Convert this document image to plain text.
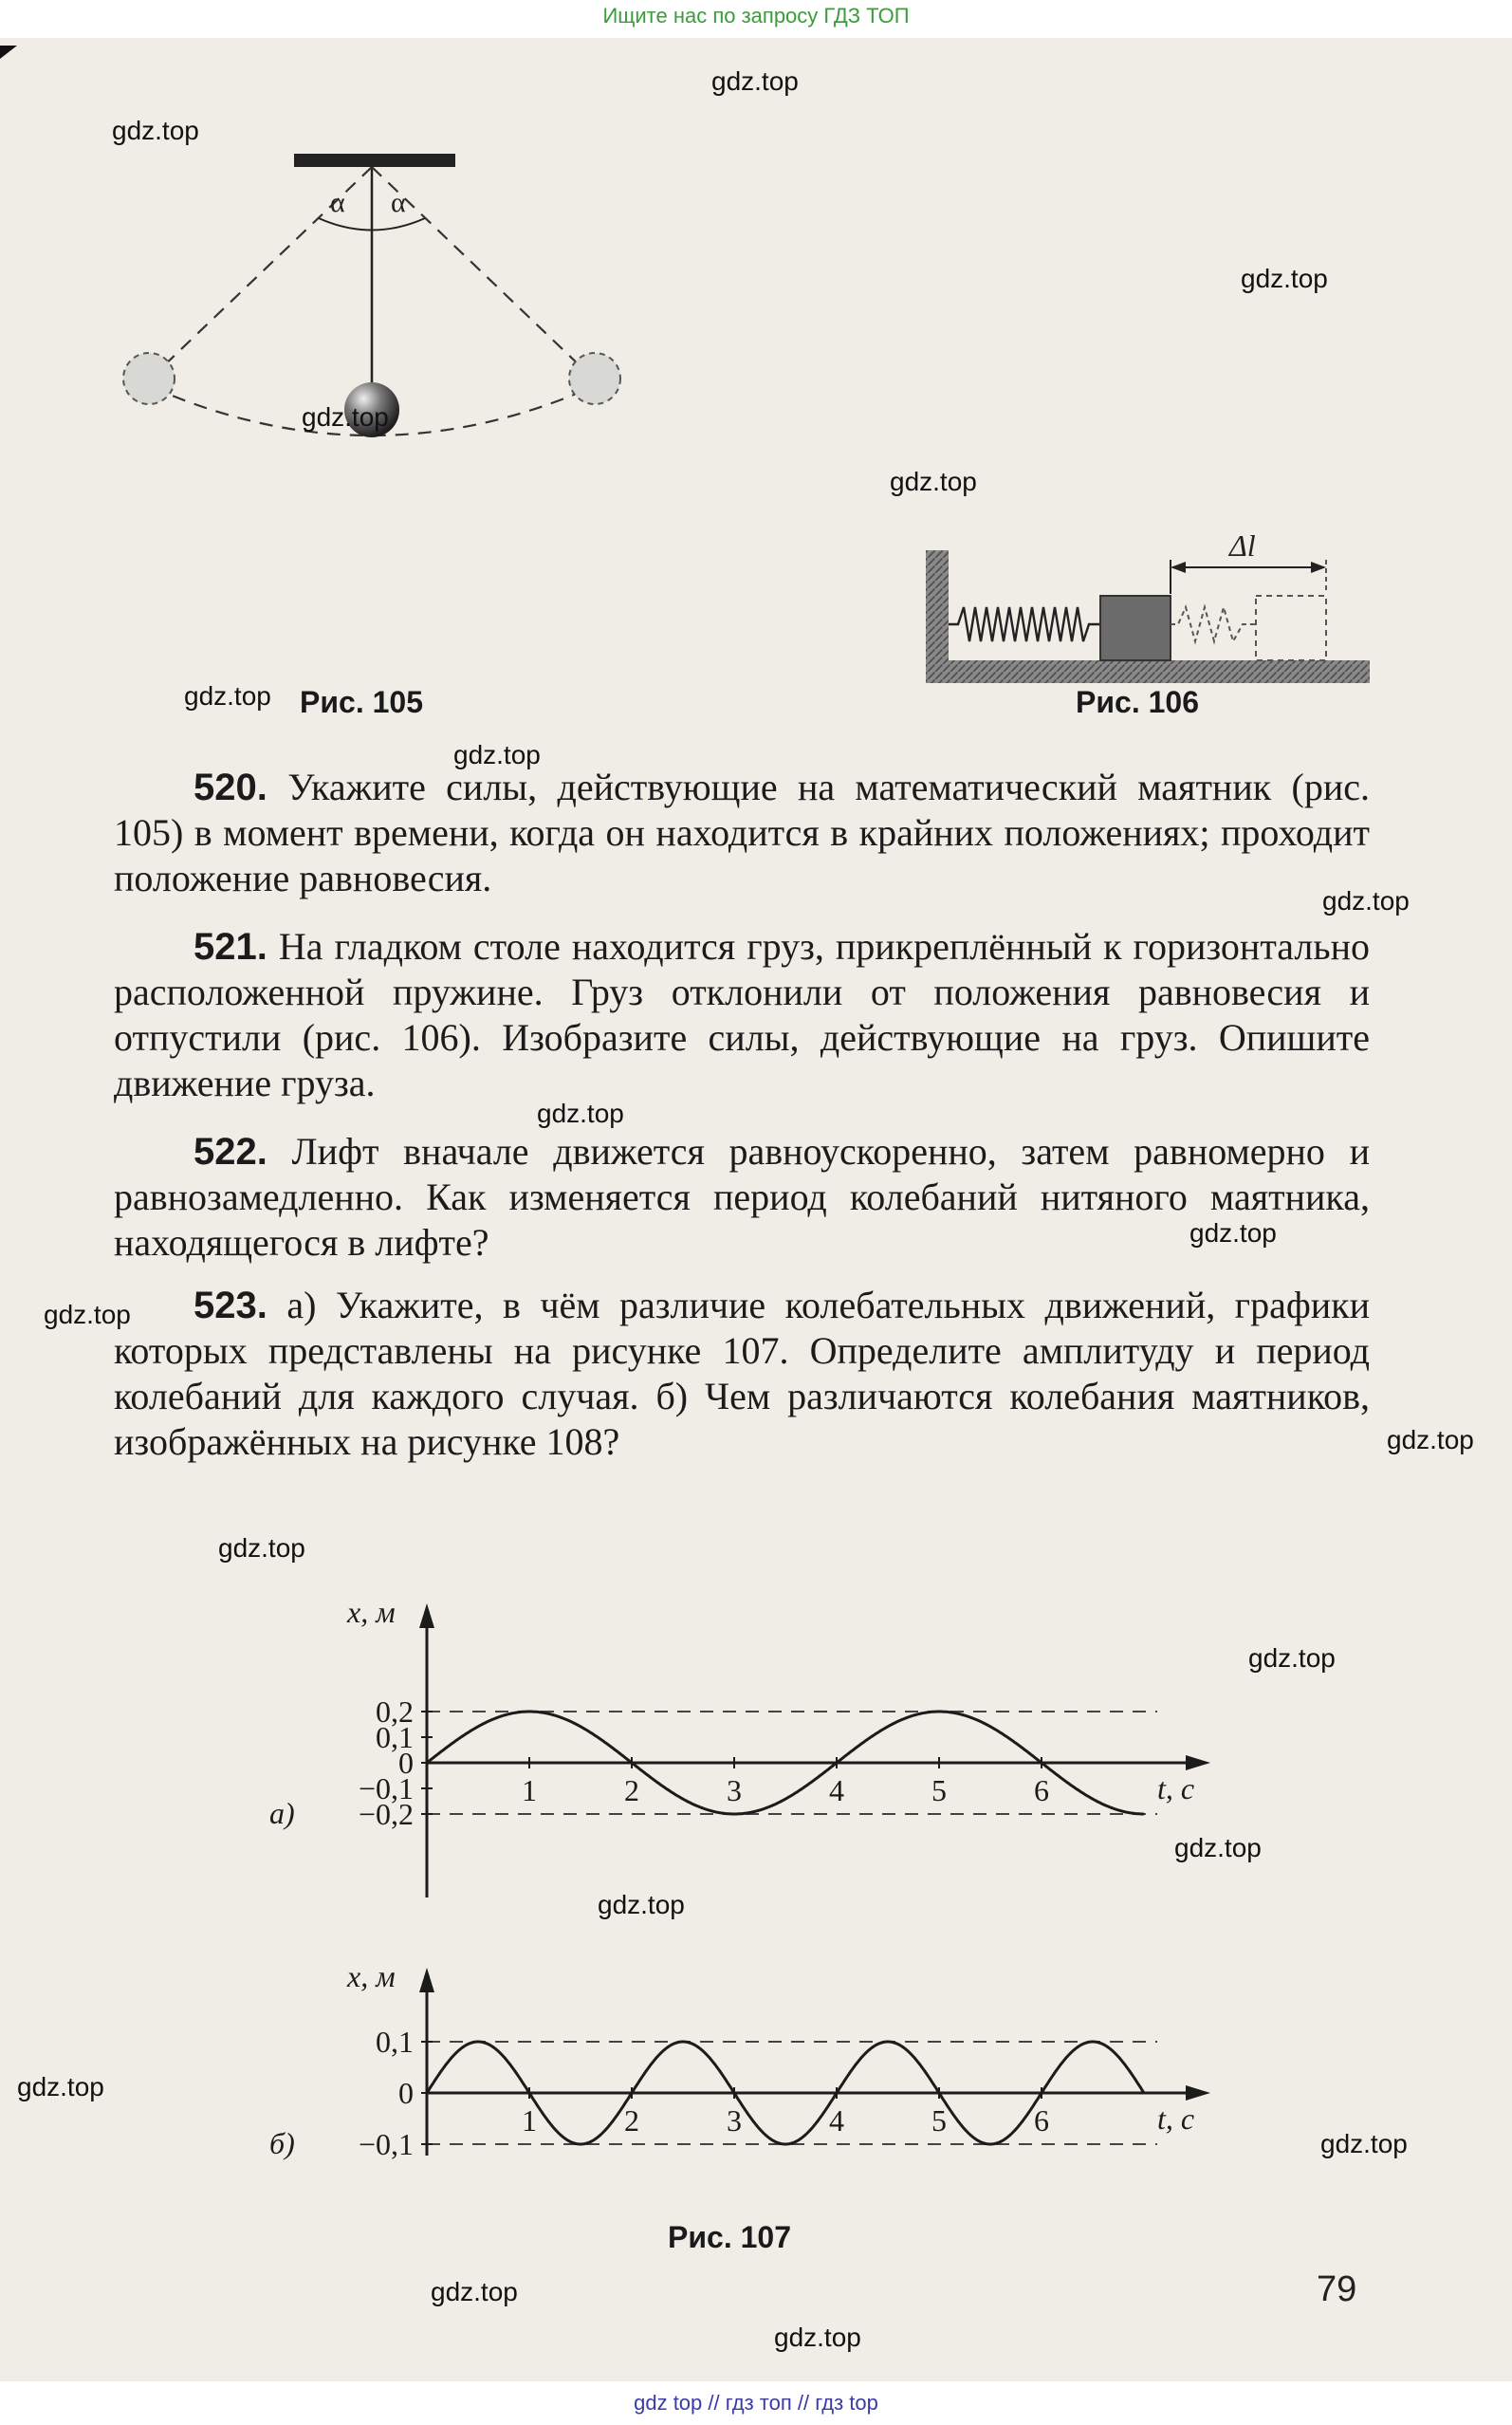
Ищите нас по запросу ГДЗ ТОП
α α
Рис. 105
Δl
Рис. 106
520. Укажите силы, действующие на математический маятник (рис. 105) в момент времени, когда он находится в крайних положениях; проходит положение равновесия.
521. На гладком столе находится груз, прикреплённый к горизонтально расположенной пружине. Груз отклонили от положения равновесия и отпустили (рис. 106). Изобразите силы, действующие на груз. Опишите движение груза.
522. Лифт вначале движется равноускоренно, затем равномерно и равнозамедленно. Как изменяется период колебаний нитяного маятника, находящегося в лифте?
523. а) Укажите, в чём различие колебательных движений, графики которых представлены на рисунке 107. Определите амплитуду и период колебаний для каждого случая. б) Чем различаются колебания маятников, изображённых на рисунке 108?
0,2
0,1
0
−0,1
−0,2
1	2	3	4	5	6
x, м
t, с
а)
0,1
0
−0,1
1	2	3	4	5	6
x, м
t, с
б)
Рис. 107
79
gdz.top
gdz.top
gdz.top
gdz.top
gdz.top
gdz.top
gdz.top
gdz.top
gdz.top
gdz.top
gdz.top
gdz.top
gdz.top
gdz.top
gdz.top
gdz.top
gdz.top
gdz.top
gdz.top
gdz.top
gdz top // гдз топ // гдз top
